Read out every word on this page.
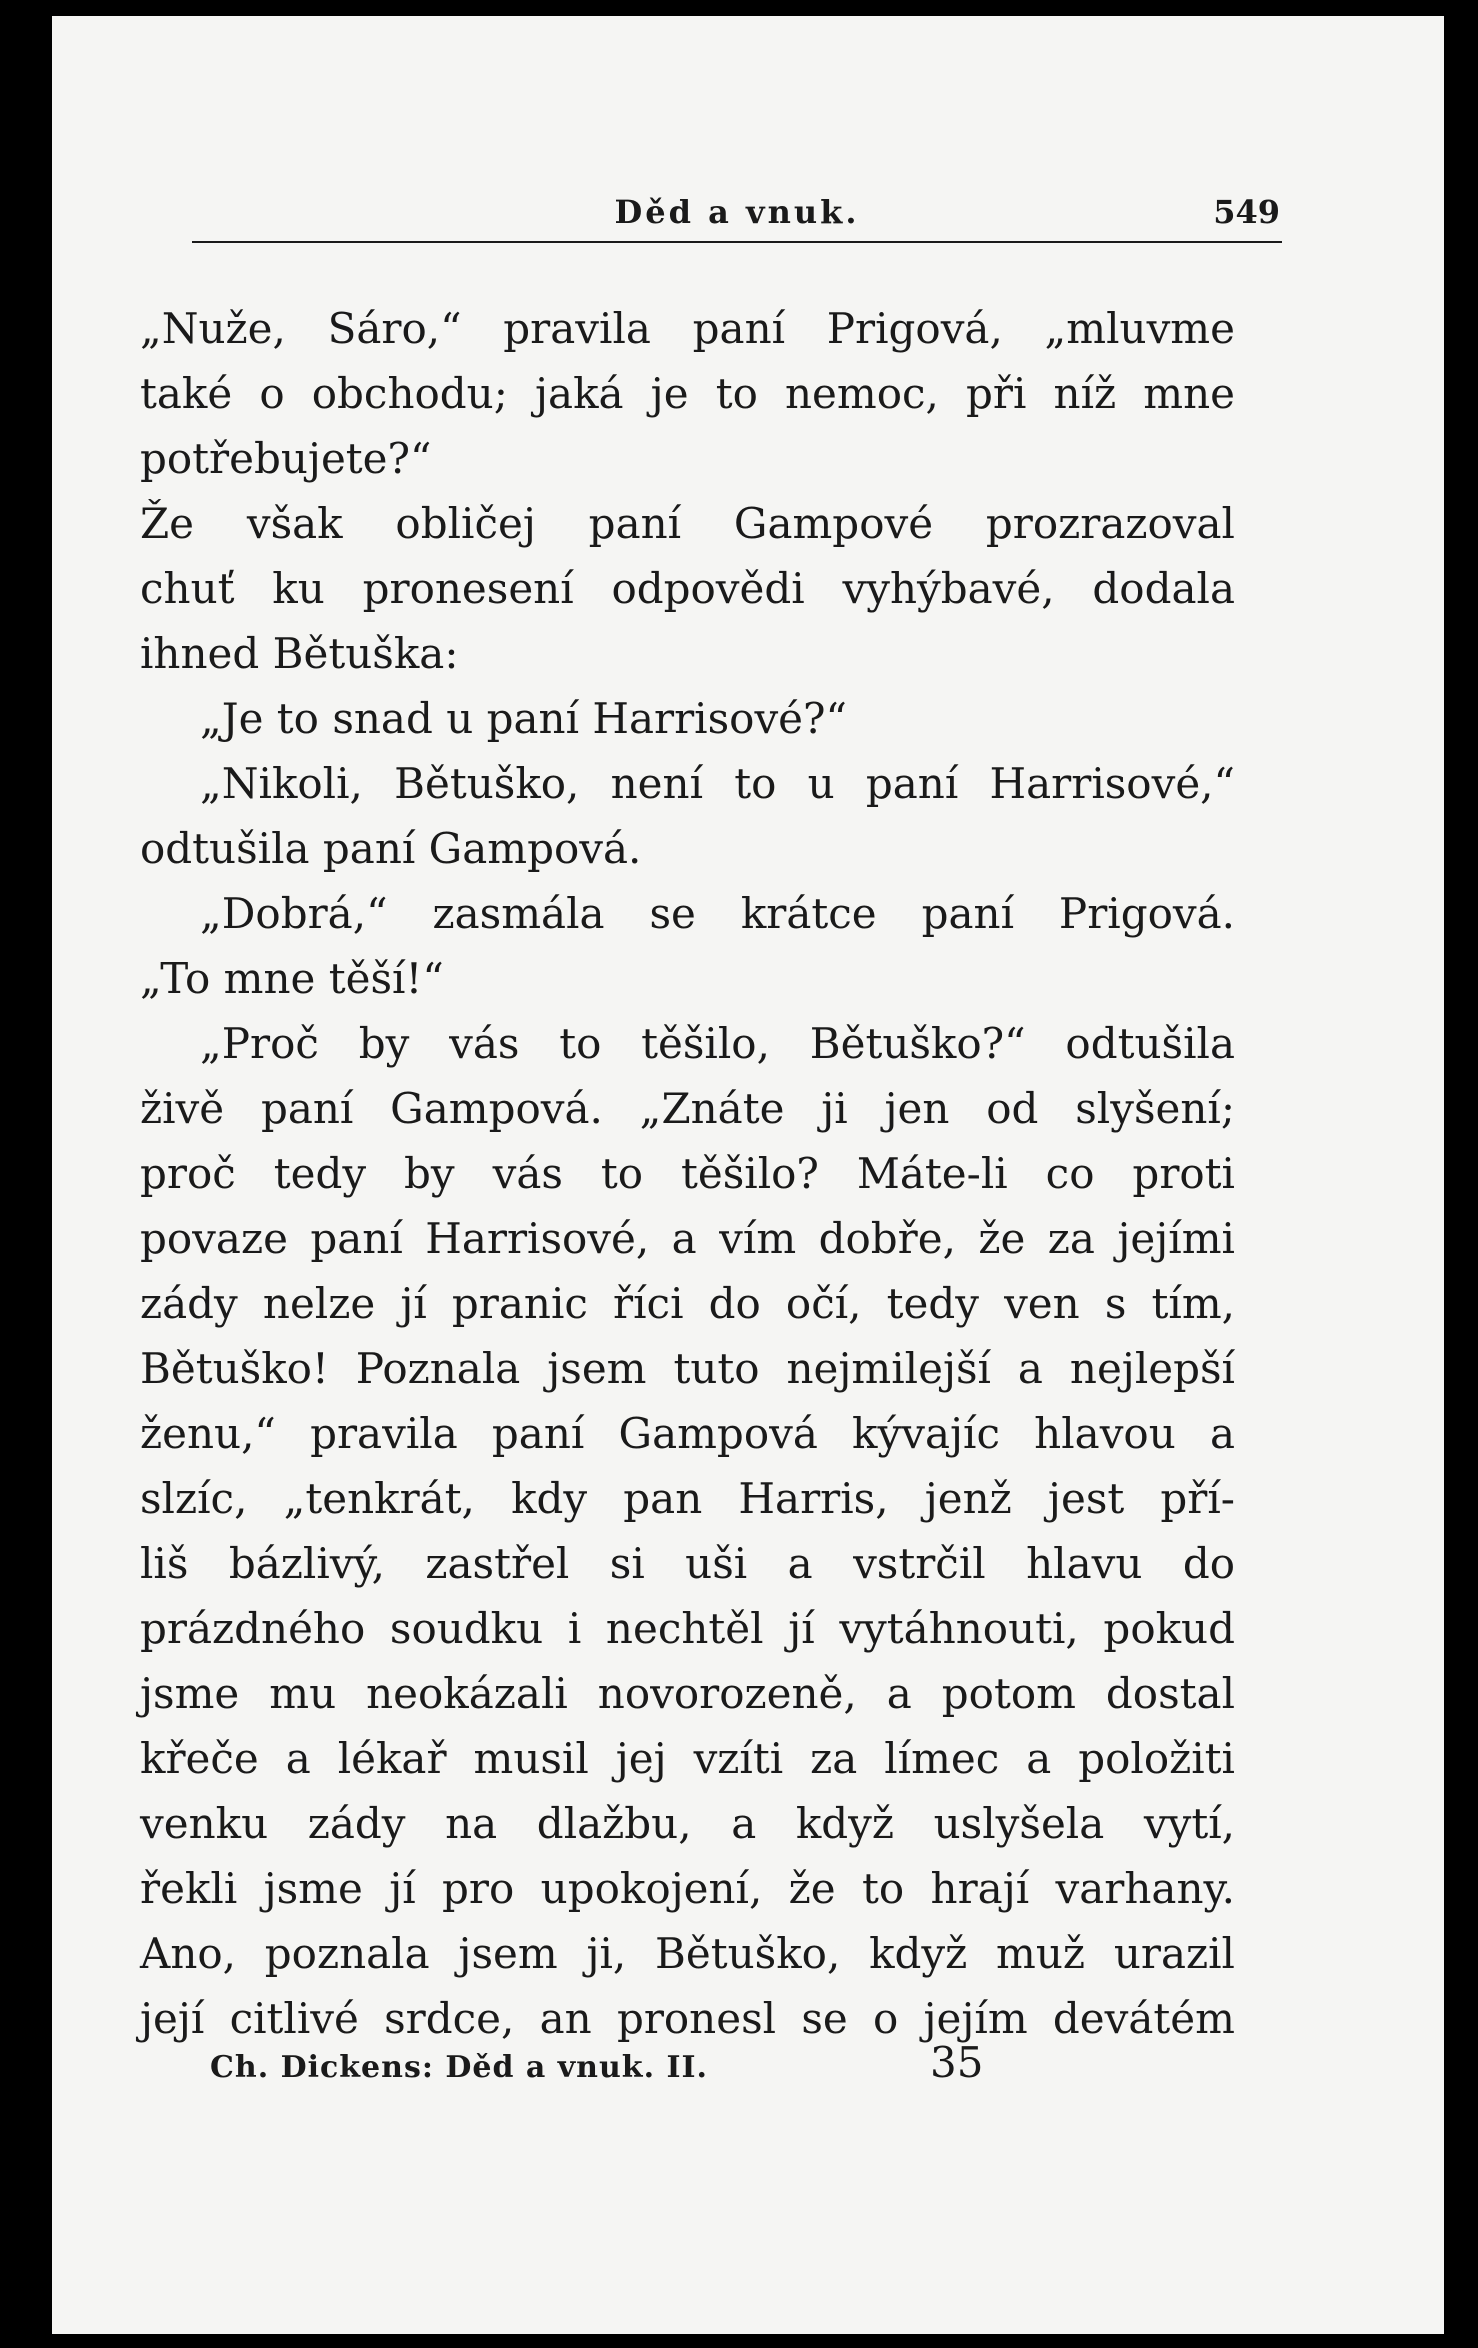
Děd a vnuk.	549
„Nuže, Sáro,“ pravila paní Prigová, „mluvme
také o obchodu; jaká je to nemoc, při níž mne
potřebujete?“
Že však obličej paní Gampové prozrazoval
chuť ku pronesení odpovědi vyhýbavé, dodala
ihned Bětuška:
„Je to snad u paní Harrisové?“
„Nikoli, Bětuško, není to u paní Harrisové,“
odtušila paní Gampová.
„Dobrá,“ zasmála se krátce paní Prigová.
„To mne těší!“
„Proč by vás to těšilo, Bětuško?“ odtušila
živě paní Gampová. „Znáte ji jen od slyšení;
proč tedy by vás to těšilo? Máte-li co proti
povaze paní Harrisové, a vím dobře, že za jejími
zády nelze jí pranic říci do očí, tedy ven s tím,
Bětuško! Poznala jsem tuto nejmilejší a nejlepší
ženu,“ pravila paní Gampová kývajíc hlavou a
slzíc, „tenkrát, kdy pan Harris, jenž jest pří-
liš bázlivý, zastřel si uši a vstrčil hlavu do
prázdného soudku i nechtěl jí vytáhnouti, pokud
jsme mu neokázali novorozeně, a potom dostal
křeče a lékař musil jej vzíti za límec a položiti
venku zády na dlažbu, a když uslyšela vytí,
řekli jsme jí pro upokojení, že to hrají varhany.
Ano, poznala jsem ji, Bětuško, když muž urazil
její citlivé srdce, an pronesl se o jejím devátém
Ch. Dickens: Děd a vnuk. II.	35
